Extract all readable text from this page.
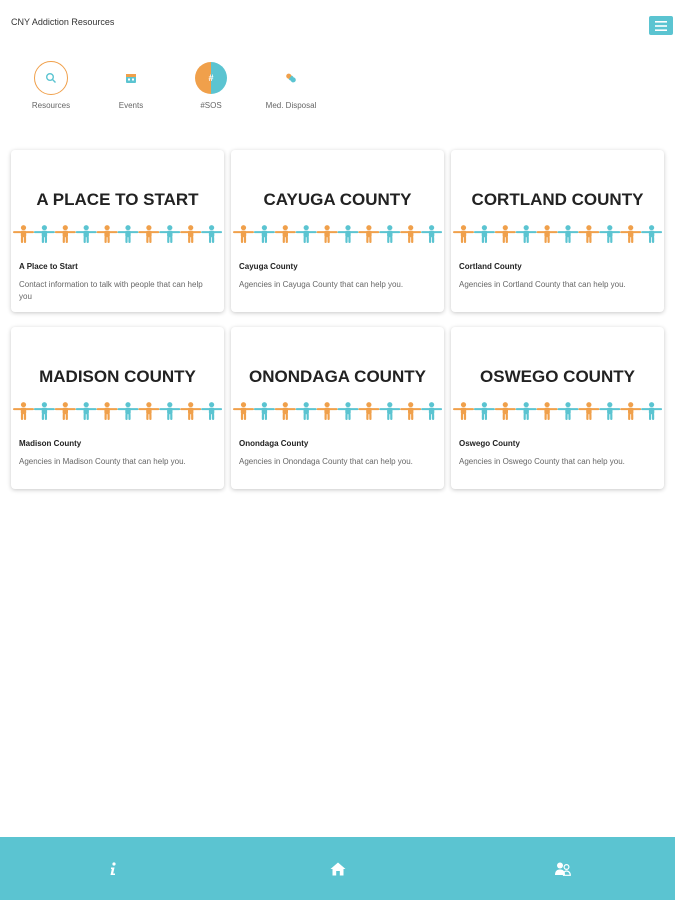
CNY Addiction Resources
Resources	Events
#
#SOS	Med. Disposal
A PLACE TO START
A Place to Start
Contact information to talk with people that can help you
CAYUGA COUNTY
Cayuga County
Agencies in Cayuga County that can help you.
CORTLAND COUNTY
Cortland County
Agencies in Cortland County that can help you.
MADISON COUNTY
Madison County
Agencies in Madison County that can help you.
ONONDAGA COUNTY
Onondaga County
Agencies in Onondaga County that can help you.
OSWEGO COUNTY
Oswego County
Agencies in Oswego County that can help you.
